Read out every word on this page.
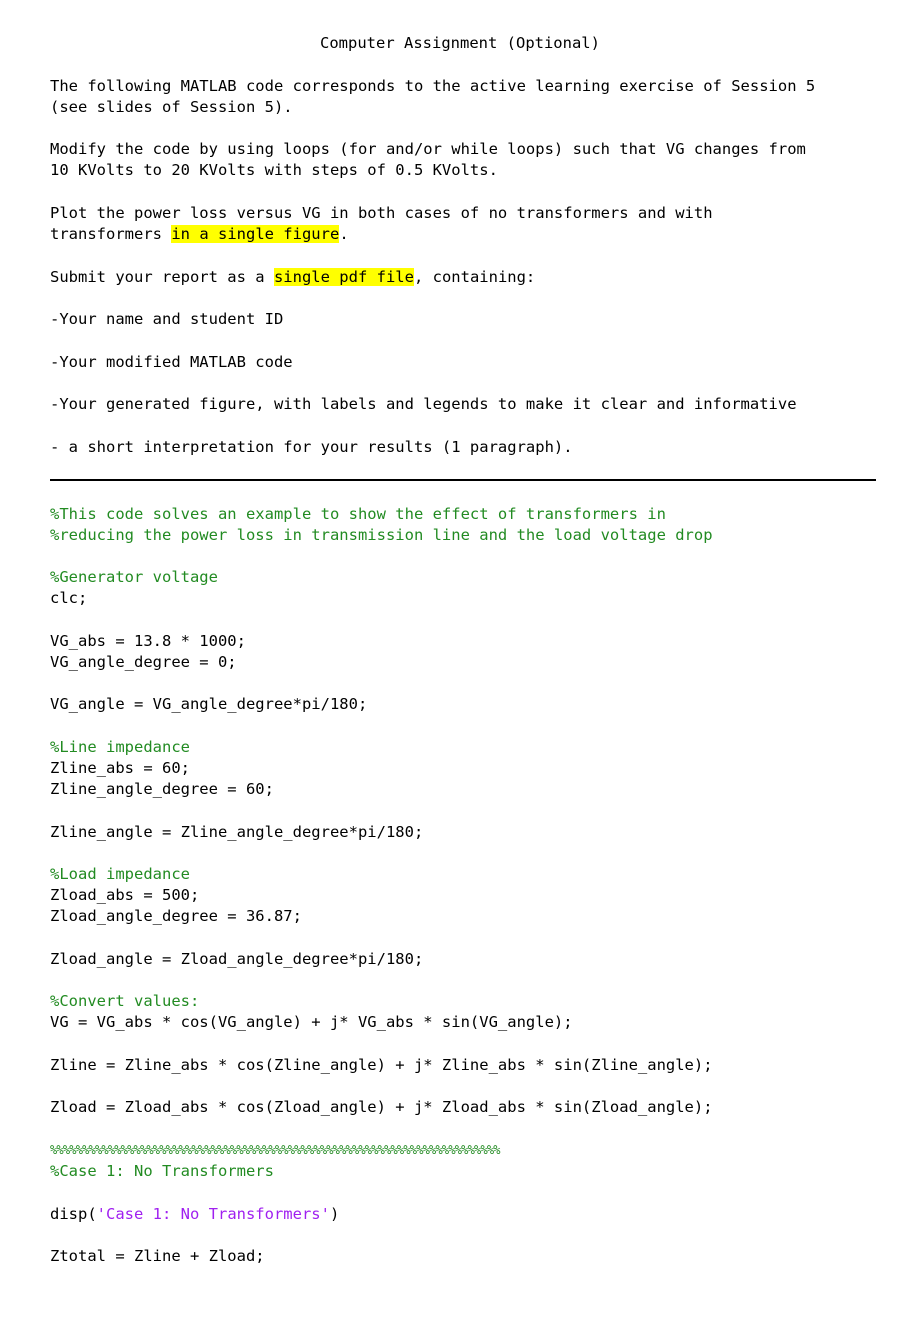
Computer Assignment (Optional)
The following MATLAB code corresponds to the active learning exercise of Session 5
(see slides of Session 5).
Modify the code by using loops (for and/or while loops) such that VG changes from
10 KVolts to 20 KVolts with steps of 0.5 KVolts.
Plot the power loss versus VG in both cases of no transformers and with
transformers in a single figure.
Submit your report as a single pdf file, containing:
-Your name and student ID
-Your modified MATLAB code
-Your generated figure, with labels and legends to make it clear and informative
- a short interpretation for your results (1 paragraph).
%This code solves an example to show the effect of transformers in
%reducing the power loss in transmission line and the load voltage drop
%Generator voltage
clc;
VG_abs = 13.8 * 1000;
VG_angle_degree = 0;
VG_angle = VG_angle_degree*pi/180;
%Line impedance
Zline_abs = 60;
Zline_angle_degree = 60;
Zline_angle = Zline_angle_degree*pi/180;
%Load impedance
Zload_abs = 500;
Zload_angle_degree = 36.87;
Zload_angle = Zload_angle_degree*pi/180;
%Convert values:
VG = VG_abs * cos(VG_angle) + j* VG_abs * sin(VG_angle);
Zline = Zline_abs * cos(Zline_angle) + j* Zline_abs * sin(Zline_angle);
Zload = Zload_abs * cos(Zload_angle) + j* Zload_abs * sin(Zload_angle);
%%%%%%%%%%%%%%%%%%%%%%%%%%%%%%%%%%%%%%%%%%%%%%%%%%%%%%%%%%%%%%%%%%%%%%
%Case 1: No Transformers
disp('Case 1: No Transformers')
Ztotal = Zline + Zload;
